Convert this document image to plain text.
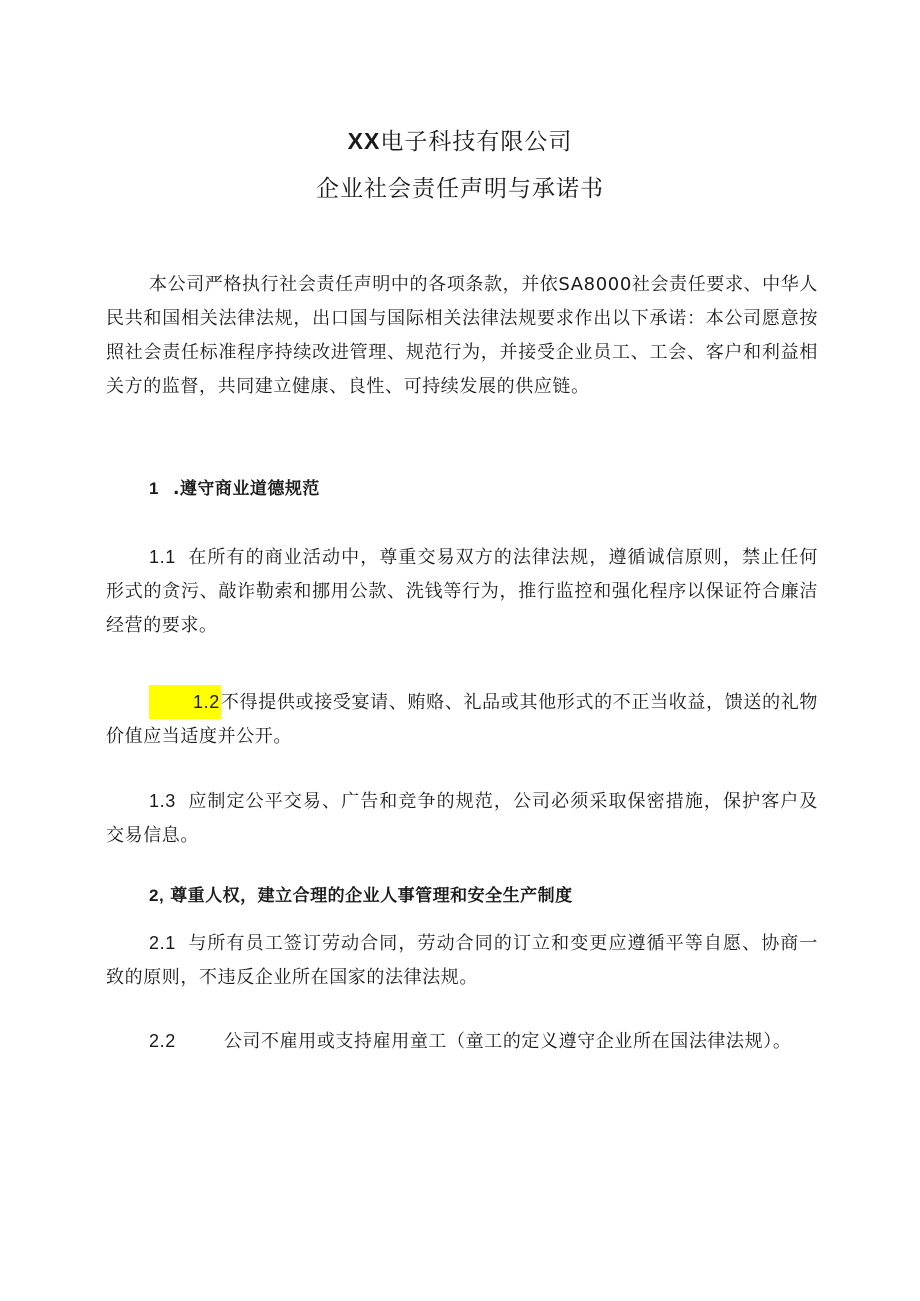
XX电子科技有限公司
企业社会责任声明与承诺书

本公司严格执行社会责任声明中的各项条款，并依SA8000社会责任要求、中华人民共和国相关法律法规，出口国与国际相关法律法规要求作出以下承诺：本公司愿意按照社会责任标准程序持续改进管理、规范行为，并接受企业员工、工会、客户和利益相关方的监督，共同建立健康、良性、可持续发展的供应链。

1 .遵守商业道德规范

1.1 在所有的商业活动中，尊重交易双方的法律法规，遵循诚信原则，禁止任何形式的贪污、敲诈勒索和挪用公款、洗钱等行为，推行监控和强化程序以保证符合廉洁经营的要求。

1.2不得提供或接受宴请、贿赂、礼品或其他形式的不正当收益，馈送的礼物价值应当适度并公开。

1.3 应制定公平交易、广告和竞争的规范，公司必须采取保密措施，保护客户及交易信息。

2, 尊重人权，建立合理的企业人事管理和安全生产制度

2.1 与所有员工签订劳动合同，劳动合同的订立和变更应遵循平等自愿、协商一致的原则，不违反企业所在国家的法律法规。

2.2	公司不雇用或支持雇用童工（童工的定义遵守企业所在国法律法规）。
